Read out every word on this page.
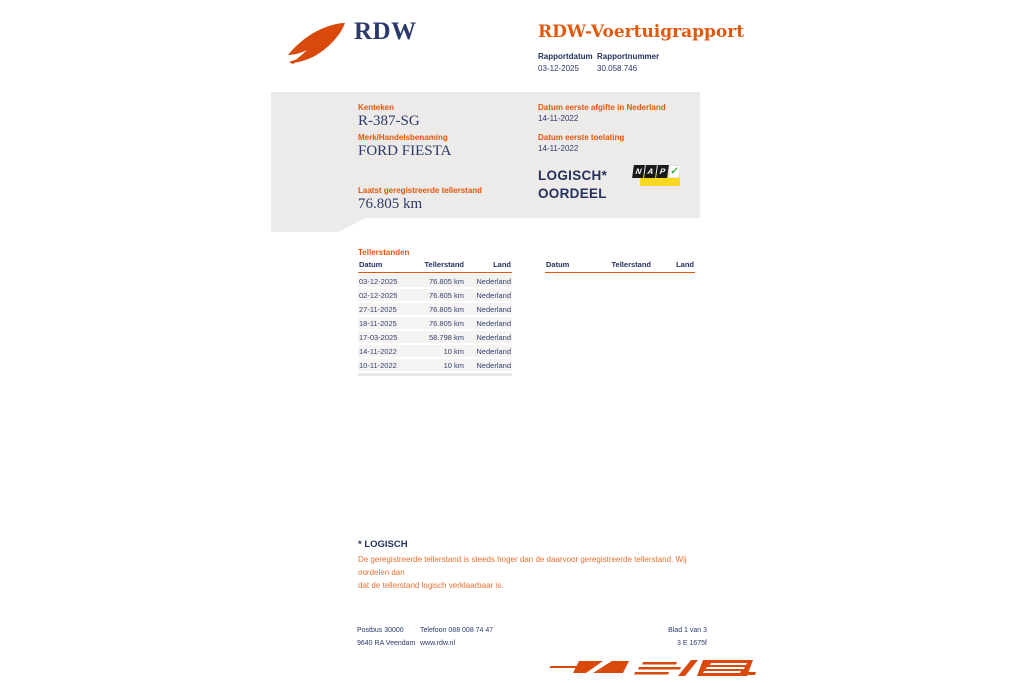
RDW	RDW-Voertuigrapport
Rapportdatum
03-12-2025
Rapportnummer
30.058.746
Kenteken
R-387-SG
Merk/Handelsbenaming
FORD FIESTA
Laatst geregistreerde tellerstand
76.805 km
Datum eerste afgifte in Nederland
14-11-2022
Datum eerste toelating
14-11-2022
LOGISCH*
OORDEEL
N A P ✓
Tellerstanden
Datum	Tellerstand	Land
03-12-2025	76.805 km	Nederland
02-12-2025	76.805 km	Nederland
27-11-2025	76.805 km	Nederland
18-11-2025	76.805 km	Nederland
17-03-2025	58.798 km	Nederland
14-11-2022	10 km	Nederland
10-11-2022	10 km	Nederland
Datum	Tellerstand	Land
* LOGISCH
De geregistreerde tellerstand is steeds hoger dan de daarvoor geregistreerde tellerstand. Wij oordelen dan
dat de tellerstand logisch verklaarbaar is.
Postbus 30000
9640 RA Veendam
Telefoon 088 008 74 47
www.rdw.nl
Blad 1 van 3
3 E 1675f
